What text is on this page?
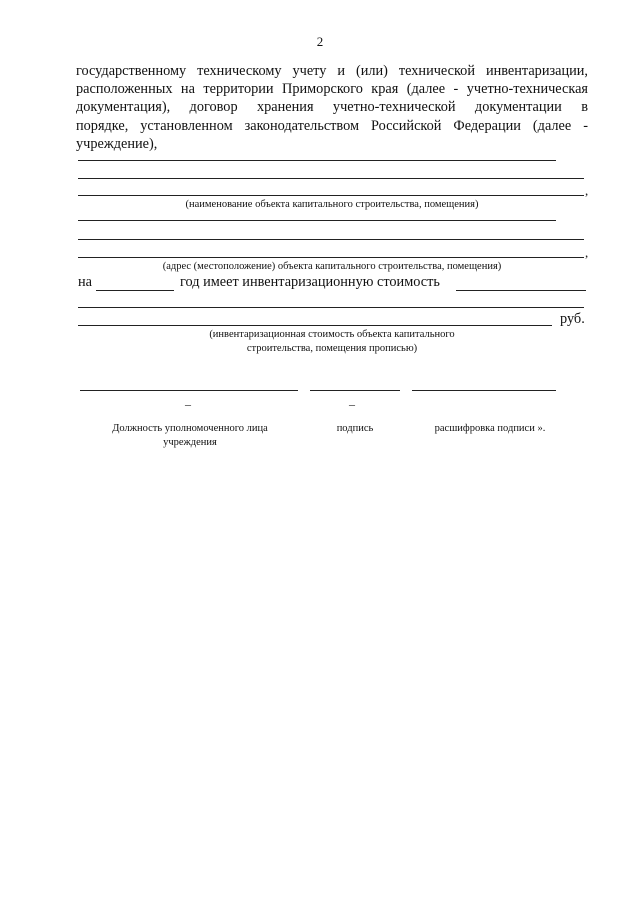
2
государственному техническому учету и (или) технической инвентаризации,
расположенных на территории Приморского края (далее - учетно-техническая
документация), договор хранения учетно-технической документации в
порядке, установленном законодательством Российской Федерации (далее -
учреждение),
,
(наименование объекта капитального строительства, помещения)
,
(адрес (местоположение) объекта капитального строительства, помещения)
на	год имеет инвентаризационную стоимость
руб.
(инвентаризационная стоимость объекта капитального
строительства, помещения прописью)
–	–
Должность уполномоченного лица
учреждения
подпись	расшифровка подписи ».
